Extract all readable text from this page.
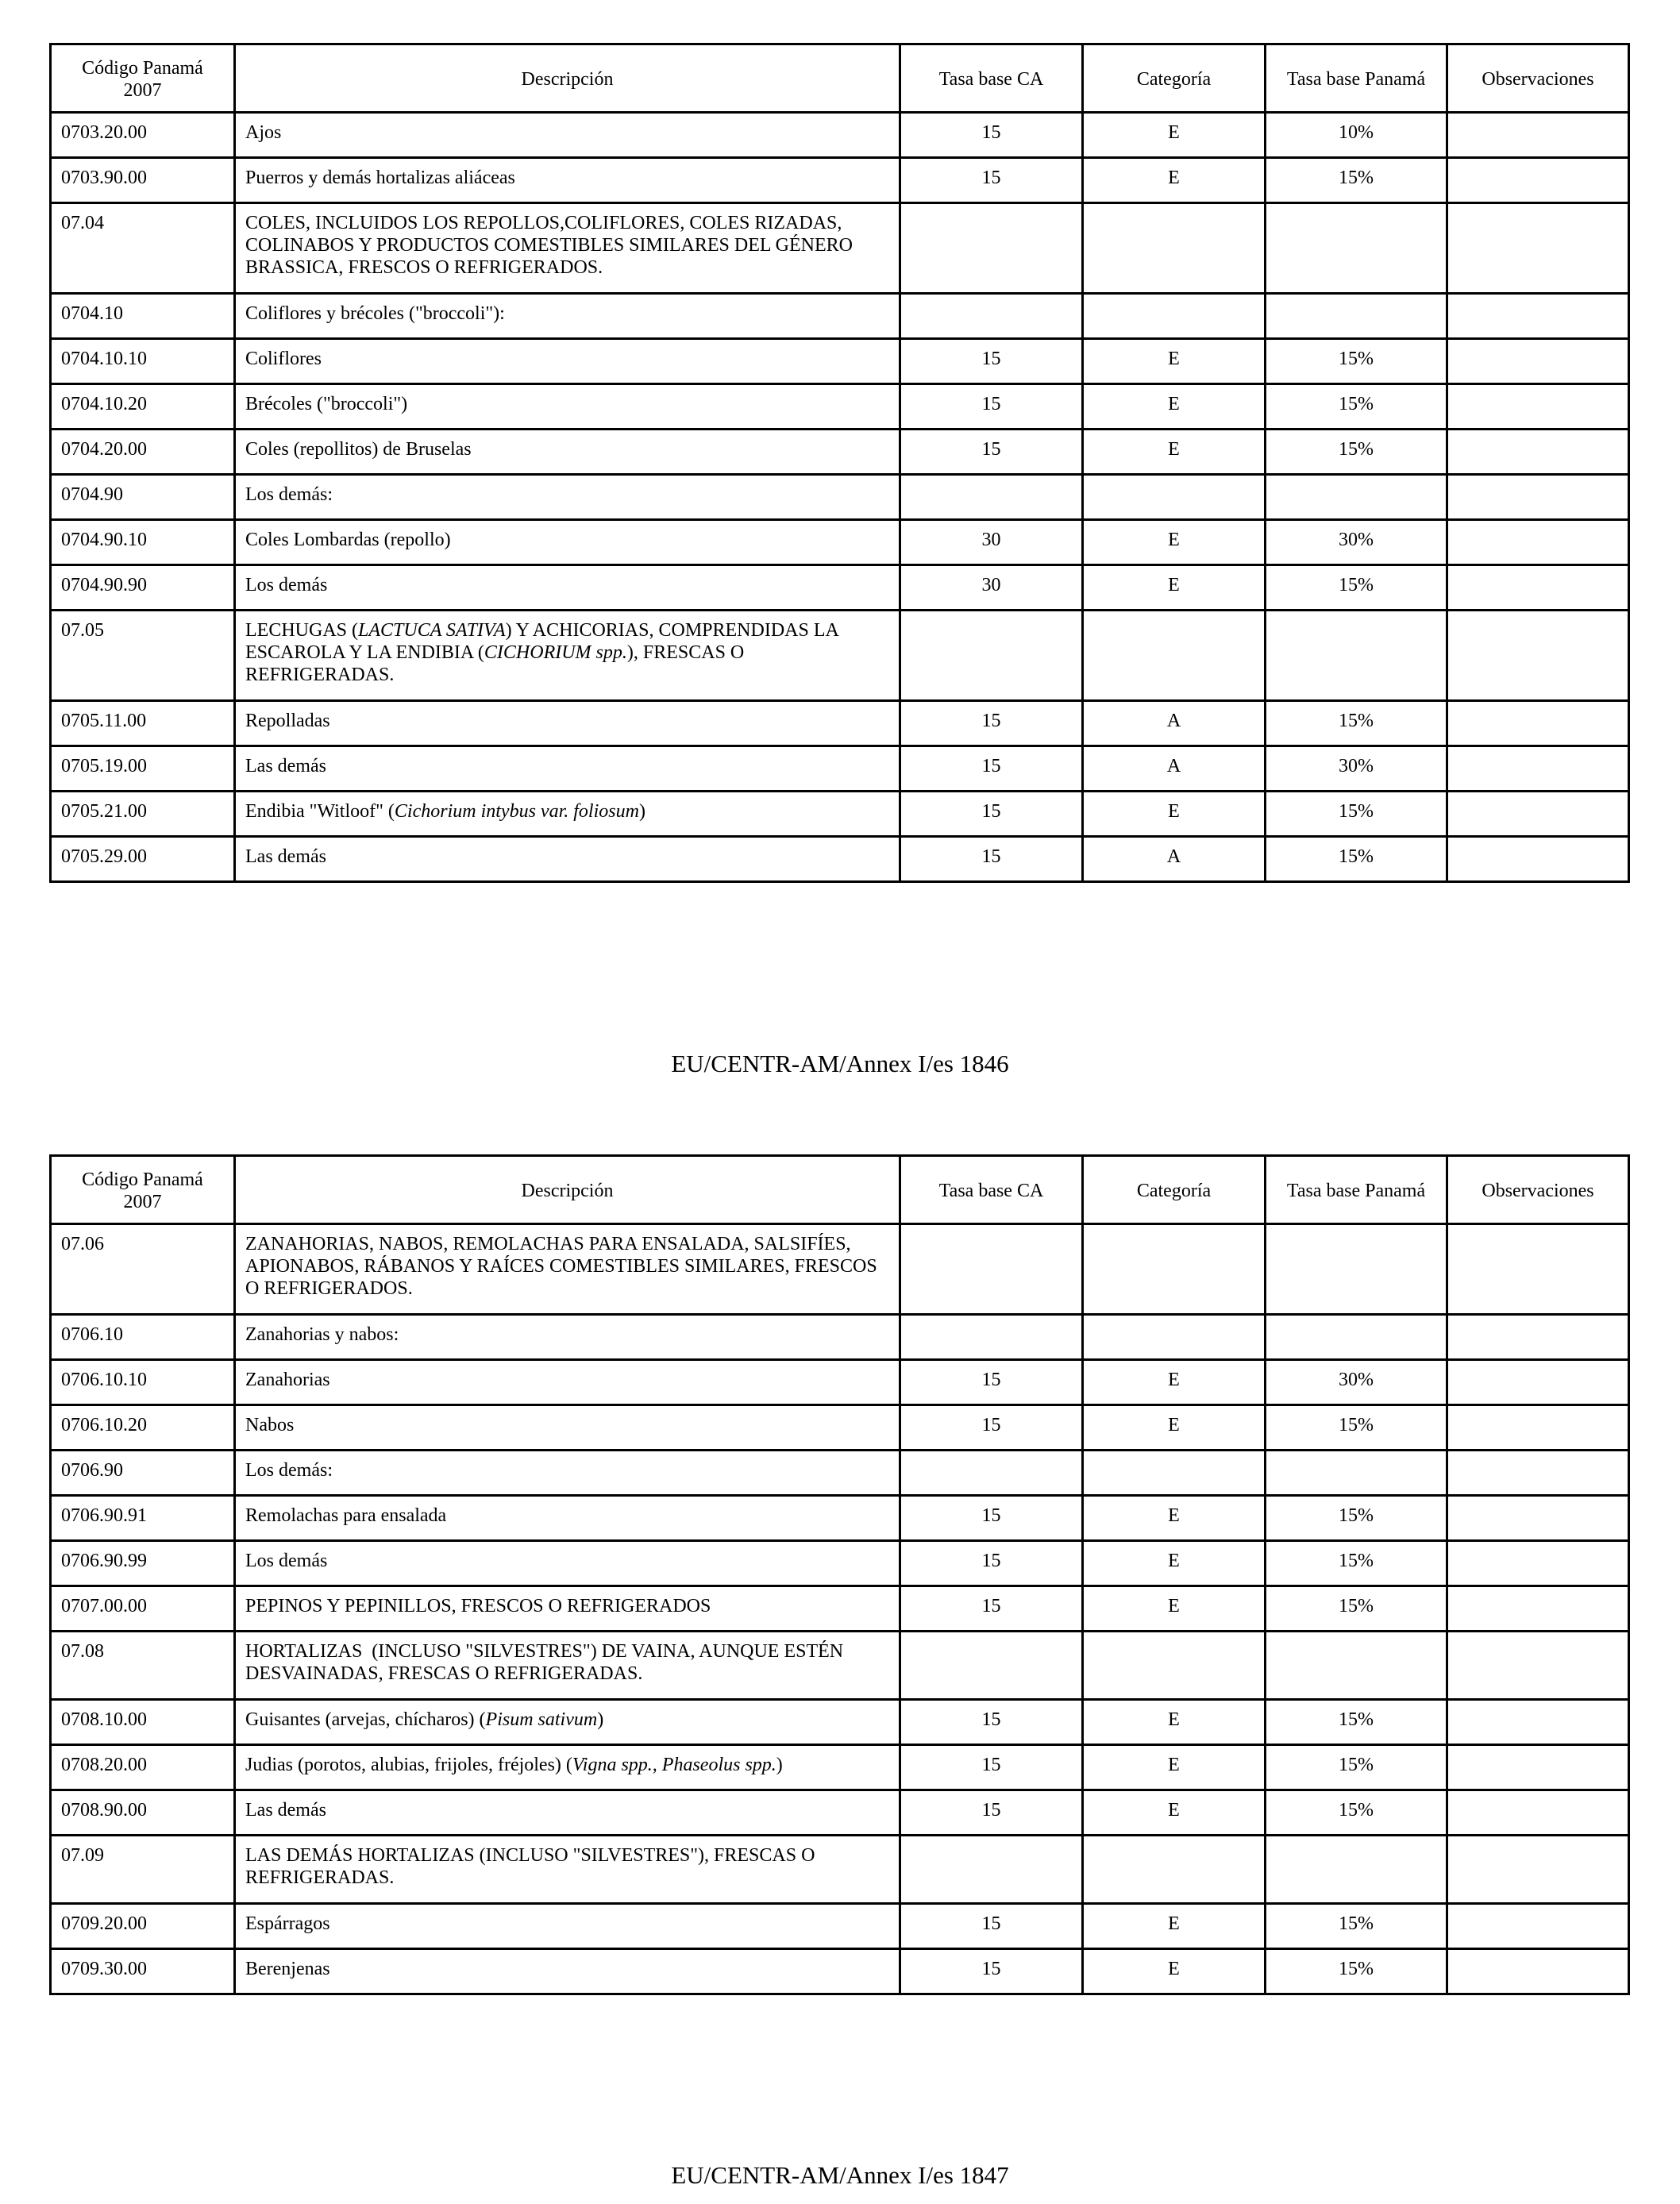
Código Panamá 2007	Descripción	Tasa base CA	Categoría	Tasa base Panamá	Observaciones
0703.20.00	Ajos	15	E	10%	
0703.90.00	Puerros y demás hortalizas aliáceas	15	E	15%	
07.04	COLES, INCLUIDOS LOS REPOLLOS,COLIFLORES, COLES RIZADAS, COLINABOS Y PRODUCTOS COMESTIBLES SIMILARES DEL GÉNERO BRASSICA, FRESCOS O REFRIGERADOS.				
0704.10	Coliflores y brécoles ("broccoli"):				
0704.10.10	Coliflores	15	E	15%	
0704.10.20	Brécoles ("broccoli")	15	E	15%	
0704.20.00	Coles (repollitos) de Bruselas	15	E	15%	
0704.90	Los demás:				
0704.90.10	Coles Lombardas (repollo)	30	E	30%	
0704.90.90	Los demás	30	E	15%	
07.05	LECHUGAS (LACTUCA SATIVA) Y ACHICORIAS, COMPRENDIDAS LA ESCAROLA Y LA ENDIBIA (CICHORIUM spp.), FRESCAS O REFRIGERADAS.				
0705.11.00	Repolladas	15	A	15%	
0705.19.00	Las demás	15	A	30%	
0705.21.00	Endibia "Witloof" (Cichorium intybus var. foliosum)	15	E	15%	
0705.29.00	Las demás	15	A	15%	
EU/CENTR-AM/Annex I/es 1846
Código Panamá 2007	Descripción	Tasa base CA	Categoría	Tasa base Panamá	Observaciones
07.06	ZANAHORIAS, NABOS, REMOLACHAS PARA ENSALADA, SALSIFÍES, APIONABOS, RÁBANOS Y RAÍCES COMESTIBLES SIMILARES, FRESCOS O REFRIGERADOS.				
0706.10	Zanahorias y nabos:				
0706.10.10	Zanahorias	15	E	30%	
0706.10.20	Nabos	15	E	15%	
0706.90	Los demás:				
0706.90.91	Remolachas para ensalada	15	E	15%	
0706.90.99	Los demás	15	E	15%	
0707.00.00	PEPINOS Y PEPINILLOS, FRESCOS O REFRIGERADOS	15	E	15%	
07.08	HORTALIZAS  (INCLUSO "SILVESTRES") DE VAINA, AUNQUE ESTÉN DESVAINADAS, FRESCAS O REFRIGERADAS.				
0708.10.00	Guisantes (arvejas, chícharos) (Pisum sativum)	15	E	15%	
0708.20.00	Judias (porotos, alubias, frijoles, fréjoles) (Vigna spp., Phaseolus spp.)	15	E	15%	
0708.90.00	Las demás	15	E	15%	
07.09	LAS DEMÁS HORTALIZAS (INCLUSO "SILVESTRES"), FRESCAS O REFRIGERADAS.				
0709.20.00	Espárragos	15	E	15%	
0709.30.00	Berenjenas	15	E	15%	
EU/CENTR-AM/Annex I/es 1847
